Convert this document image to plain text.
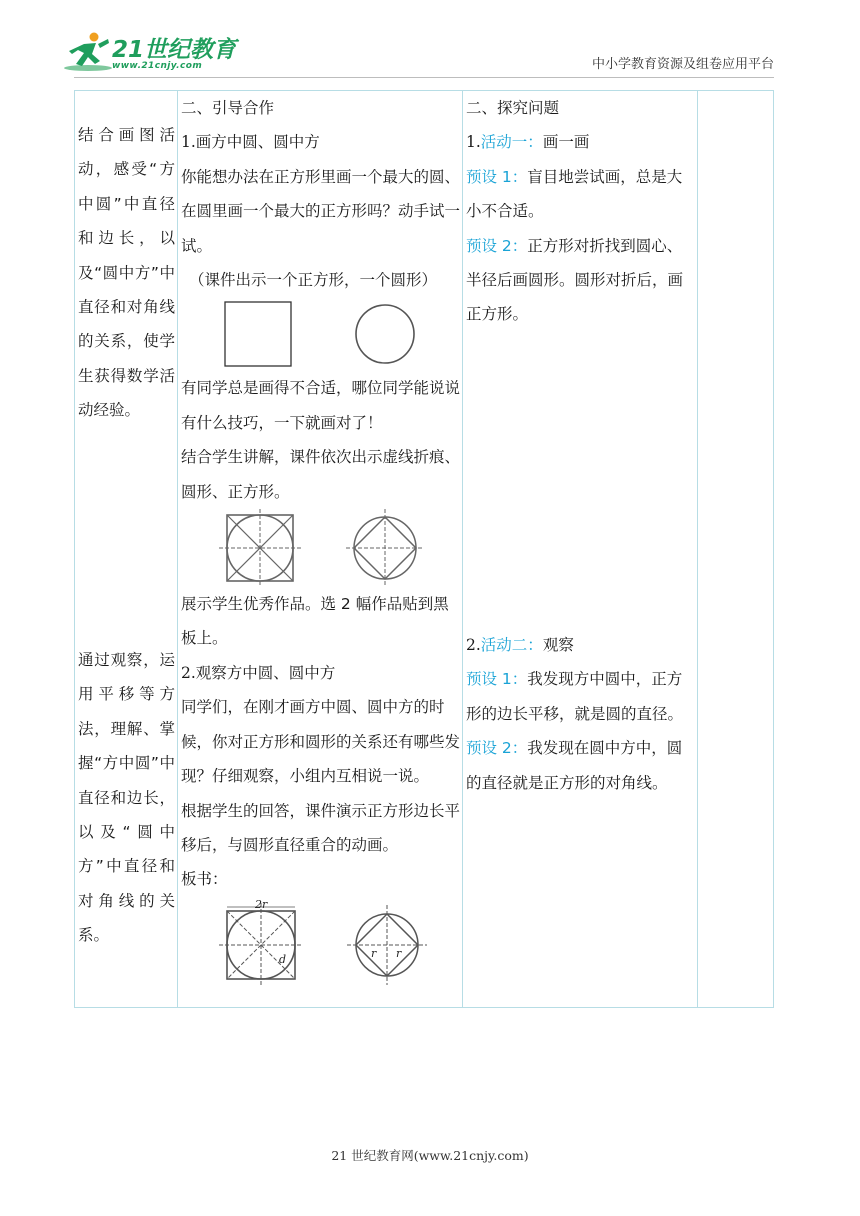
21世纪教育
www.21cnjy.com	中小学教育资源及组卷应用平台
结合画图活动，感受“方中圆”中直径和边长，以及“圆中方”中直径和对角线的关系，使学生获得数学活动经验。
通过观察，运用平移等方法，理解、掌握“方中圆”中直径和边长，以及“圆中方”中直径和对角线的关系。

二、引导合作

1.画方中圆、圆中方

你能想办法在正方形里画一个最大的圆、在圆里画一个最大的正方形吗？动手试一试。

（课件出示一个正方形，一个圆形）

有同学总是画得不合适，哪位同学能说说有什么技巧，一下就画对了！

结合学生讲解，课件依次出示虚线折痕、圆形、正方形。

展示学生优秀作品。选 2 幅作品贴到黑板上。

2.观察方中圆、圆中方

同学们，在刚才画方中圆、圆中方的时候，你对正方形和圆形的关系还有哪些发现？仔细观察，小组内互相说一说。

根据学生的回答，课件演示正方形边长平移后，与圆形直径重合的动画。

板书：

2r
d	r r

二、探究问题

1.活动一：画一画

预设 1：盲目地尝试画，总是大小不合适。

预设 2：正方形对折找到圆心、半径后画圆形。圆形对折后，画正方形。

2.活动二：观察

预设 1：我发现方中圆中，正方形的边长平移，就是圆的直径。

预设 2：我发现在圆中方中，圆的直径就是正方形的对角线。

21 世纪教育网(www.21cnjy.com)
